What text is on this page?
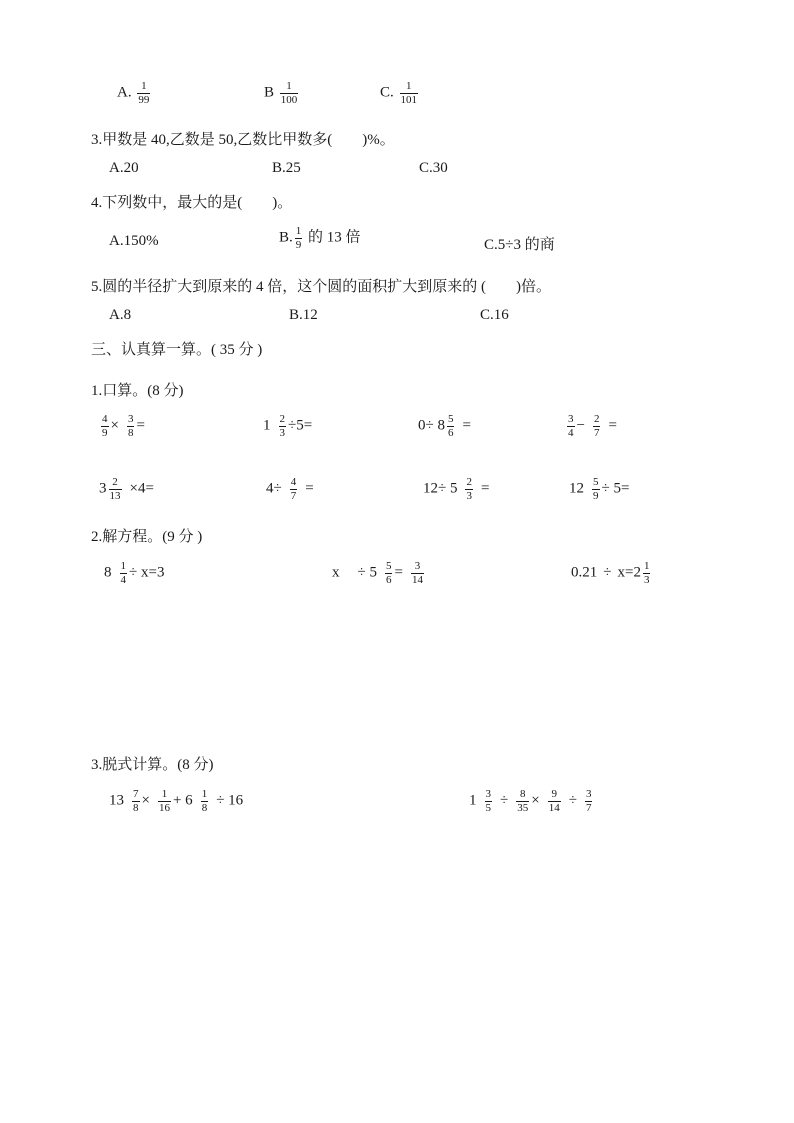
A. $\frac{1}{99}$	B $\frac{1}{100}$	C. $\frac{1}{101}$
3.甲数是 40,乙数是 50,乙数比甲数多(　　)%。
A.20	B.25	C.30
4.下列数中，最大的是(　　)。
A.150%	B. $\frac{1}{9}$ 的 13 倍	C.5÷3 的商
5.圆的半径扩大到原来的 4 倍，这个圆的面积扩大到原来的 (　　)倍。
A.8	B.12	C.16
三、认真算一算。( 35 分 )
1.口算。(8 分)
$\frac{4}{9} \times \frac{3}{8}$ =	$1 \frac{2}{3} \div 5=$	$0\div 8 \frac{5}{6}$ =	$\frac{3}{4} - \frac{2}{7}$ =
$3 \frac{2}{13} \times 4=$	$4\div \frac{4}{7}$ =	$12\div 5 \frac{2}{3}$ =	$12 \frac{5}{9} \div 5=$
2.解方程。(9 分 )
$8 \frac{1}{4} \div x=3$	$x \div 5 \frac{5}{6} = \frac{3}{14}$	$0.21 \div x=2 \frac{1}{3}$
3.脱式计算。(8 分)
$13 \frac{7}{8} \times \frac{1}{16} + 6 \frac{1}{8} \div 16$	$1 \frac{3}{5} \div \frac{8}{35} \times \frac{9}{14} \div \frac{3}{7}$
